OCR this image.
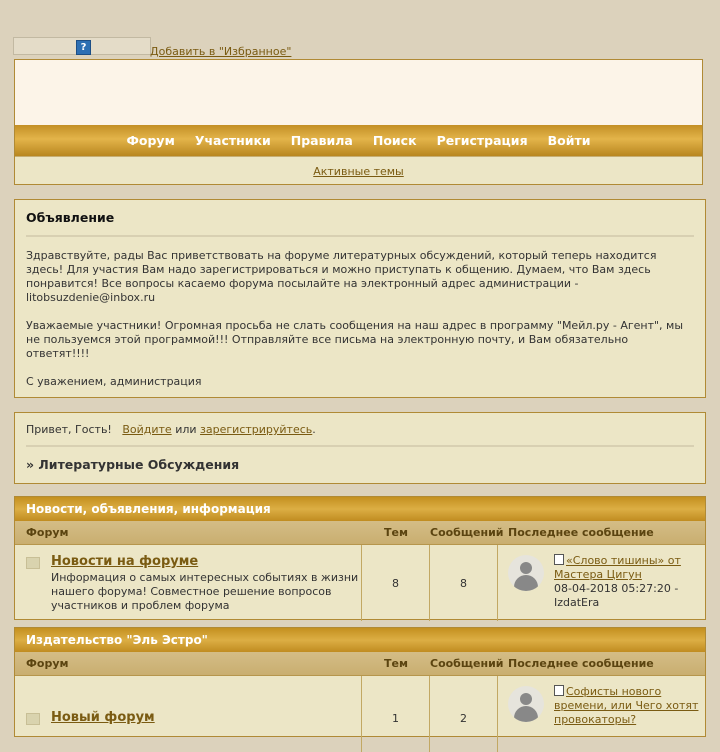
?	Добавить в "Избранное"
Форум Участники Правила Поиск Регистрация Войти
Активные темы
Объявление

Здравствуйте, рады Вас приветствовать на форуме литературных обсуждений, который теперь находится здесь! Для участия Вам надо зарегистрироваться и можно приступать к общению. Думаем, что Вам здесь понравится! Все вопросы касаемо форума посылайте на электронный адрес администрации - litobsuzdenie@inbox.ru

Уважаемые участники! Огромная просьба не слать сообщения на наш адрес в программу "Мейл.ру - Агент", мы не пользуемся этой программой!!! Отправляйте все письма на электронную почту, и Вам обязательно ответят!!!!

С уважением, администрация

Привет, Гость! Войдите или зарегистрируйтесь.
» Литературные Обсуждения
Новости, объявления, информация
Форум	Тем	Сообщений Последнее сообщение
Новости на форуме
Информация о самых интересных событиях в жизни нашего форума! Совместное решение вопросов участников и проблем форума
8	8
«Слово тишины» от Мастера Цигун
08-04-2018 05:27:20 - IzdatEra
Издательство "Эль Эстро"
Форум	Тем	Сообщений Последнее сообщение
Новый форум	1	2
Софисты нового времени, или Чего хотят провокаторы?
